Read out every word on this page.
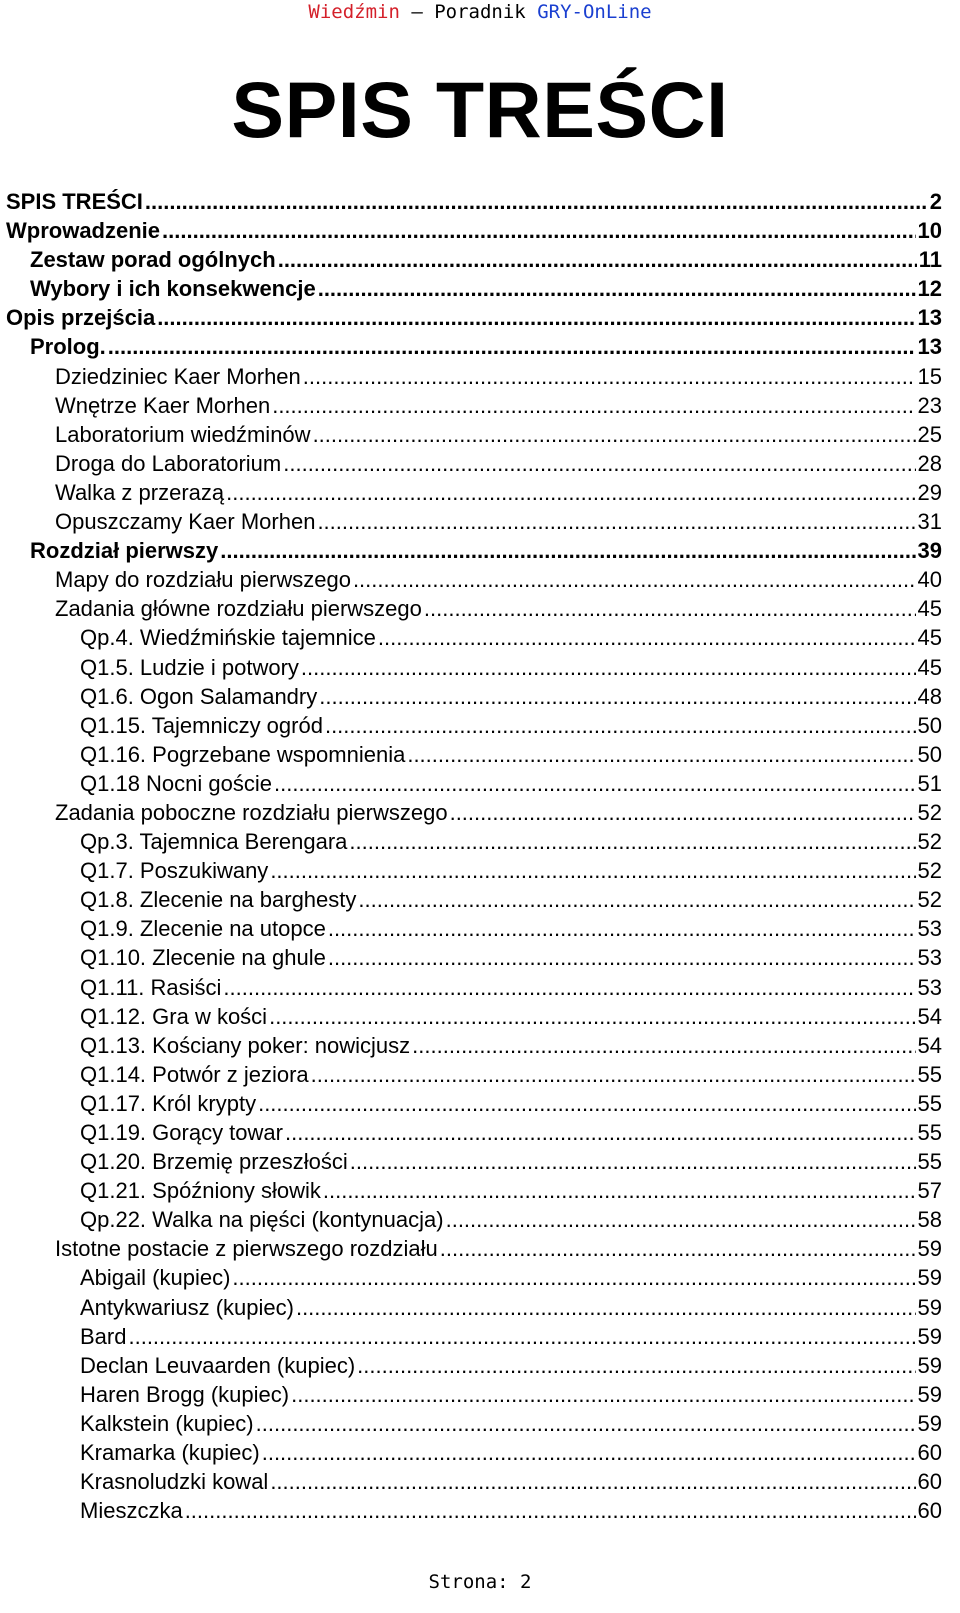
Wiedźmin – Poradnik GRY-OnLine
SPIS TREŚCI
SPIS TREŚCI .....	2
Wprowadzenie .....	10
Zestaw porad ogólnych .....	11
Wybory i ich konsekwencje .....	12
Opis przejścia .....	13
Prolog. .....	13
Dziedziniec Kaer Morhen .....	15
Wnętrze Kaer Morhen .....	23
Laboratorium wiedźminów .....	25
Droga do Laboratorium .....	28
Walka z przerazą .....	29
Opuszczamy Kaer Morhen .....	31
Rozdział pierwszy .....	39
Mapy do rozdziału pierwszego .....	40
Zadania główne rozdziału pierwszego .....	45
Qp.4. Wiedźmińskie tajemnice .....	45
Q1.5. Ludzie i potwory .....	45
Q1.6. Ogon Salamandry .....	48
Q1.15. Tajemniczy ogród .....	50
Q1.16. Pogrzebane wspomnienia .....	50
Q1.18 Nocni goście .....	51
Zadania poboczne rozdziału pierwszego .....	52
Qp.3. Tajemnica Berengara .....	52
Q1.7. Poszukiwany .....	52
Q1.8. Zlecenie na barghesty .....	52
Q1.9. Zlecenie na utopce .....	53
Q1.10. Zlecenie na ghule .....	53
Q1.11. Rasiści .....	53
Q1.12. Gra w kości .....	54
Q1.13. Kościany poker: nowicjusz .....	54
Q1.14. Potwór z jeziora .....	55
Q1.17. Król krypty .....	55
Q1.19. Gorący towar .....	55
Q1.20. Brzemię przeszłości .....	55
Q1.21. Spóźniony słowik .....	57
Qp.22. Walka na pięści (kontynuacja) .....	58
Istotne postacie z pierwszego rozdziału .....	59
Abigail (kupiec) .....	59
Antykwariusz (kupiec) .....	59
Bard .....	59
Declan Leuvaarden (kupiec) .....	59
Haren Brogg (kupiec) .....	59
Kalkstein (kupiec) .....	59
Kramarka (kupiec) .....	60
Krasnoludzki kowal .....	60
Mieszczka .....	60
Strona: 2
